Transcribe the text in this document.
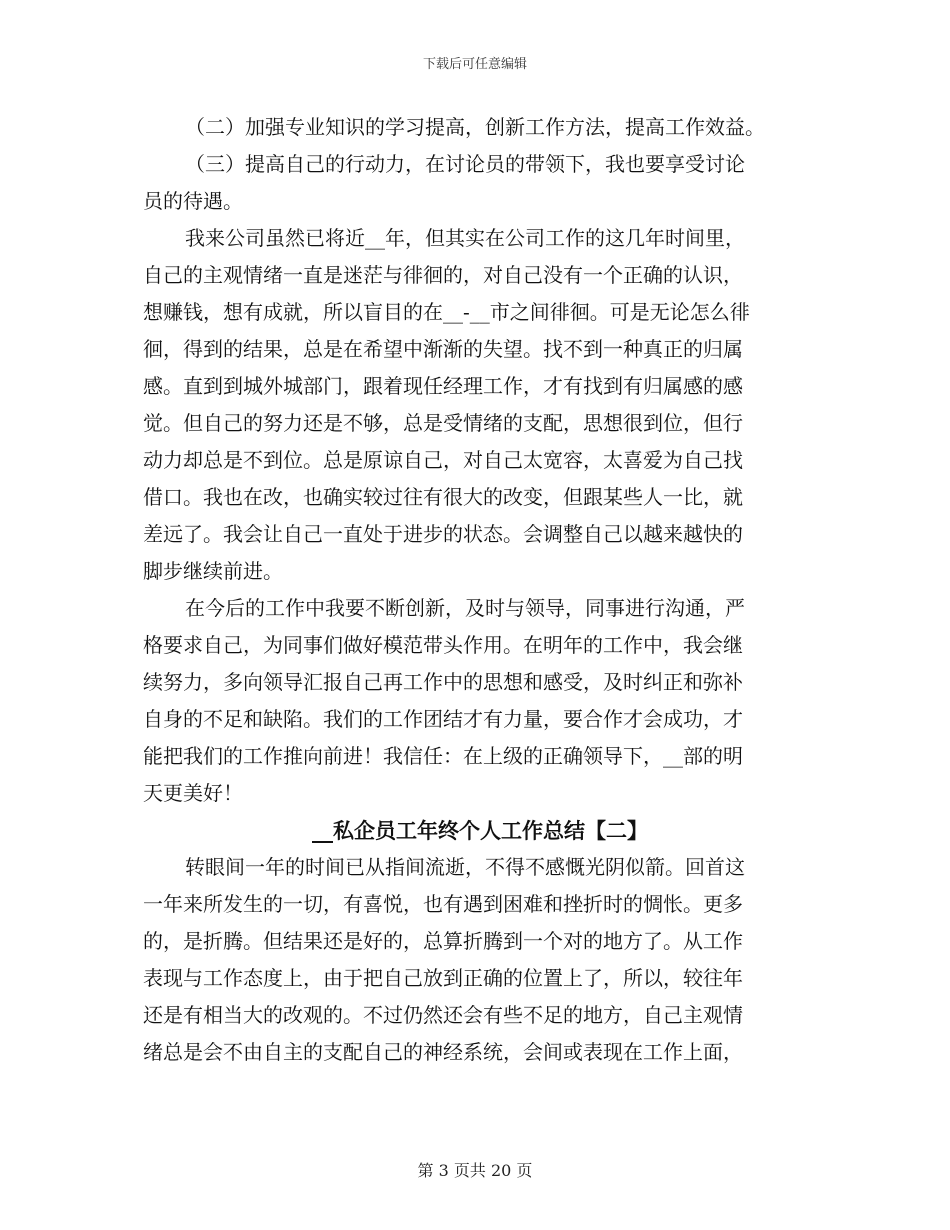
下载后可任意编辑
（二）加强专业知识的学习提高，创新工作方法，提高工作效益。
（三）提高自己的行动力，在讨论员的带领下，我也要享受讨论
员的待遇。
我来公司虽然已将近__年，但其实在公司工作的这几年时间里，
自己的主观情绪一直是迷茫与徘徊的，对自己没有一个正确的认识，
想赚钱，想有成就，所以盲目的在__-__市之间徘徊。可是无论怎么徘
徊，得到的结果，总是在希望中渐渐的失望。找不到一种真正的归属
感。直到到城外城部门，跟着现任经理工作，才有找到有归属感的感
觉。但自己的努力还是不够，总是受情绪的支配，思想很到位，但行
动力却总是不到位。总是原谅自己，对自己太宽容，太喜爱为自己找
借口。我也在改，也确实较过往有很大的改变，但跟某些人一比，就
差远了。我会让自己一直处于进步的状态。会调整自己以越来越快的
脚步继续前进。
在今后的工作中我要不断创新，及时与领导，同事进行沟通，严
格要求自己，为同事们做好模范带头作用。在明年的工作中，我会继
续努力，多向领导汇报自己再工作中的思想和感受，及时纠正和弥补
自身的不足和缺陷。我们的工作团结才有力量，要合作才会成功，才
能把我们的工作推向前进！我信任：在上级的正确领导下，__部的明
天更美好！
__私企员工年终个人工作总结【二】
转眼间一年的时间已从指间流逝，不得不感慨光阴似箭。回首这
一年来所发生的一切，有喜悦，也有遇到困难和挫折时的惆怅。更多
的，是折腾。但结果还是好的，总算折腾到一个对的地方了。从工作
表现与工作态度上，由于把自己放到正确的位置上了，所以，较往年
还是有相当大的改观的。不过仍然还会有些不足的地方，自己主观情
绪总是会不由自主的支配自己的神经系统，会间或表现在工作上面，
第 3 页共 20 页
